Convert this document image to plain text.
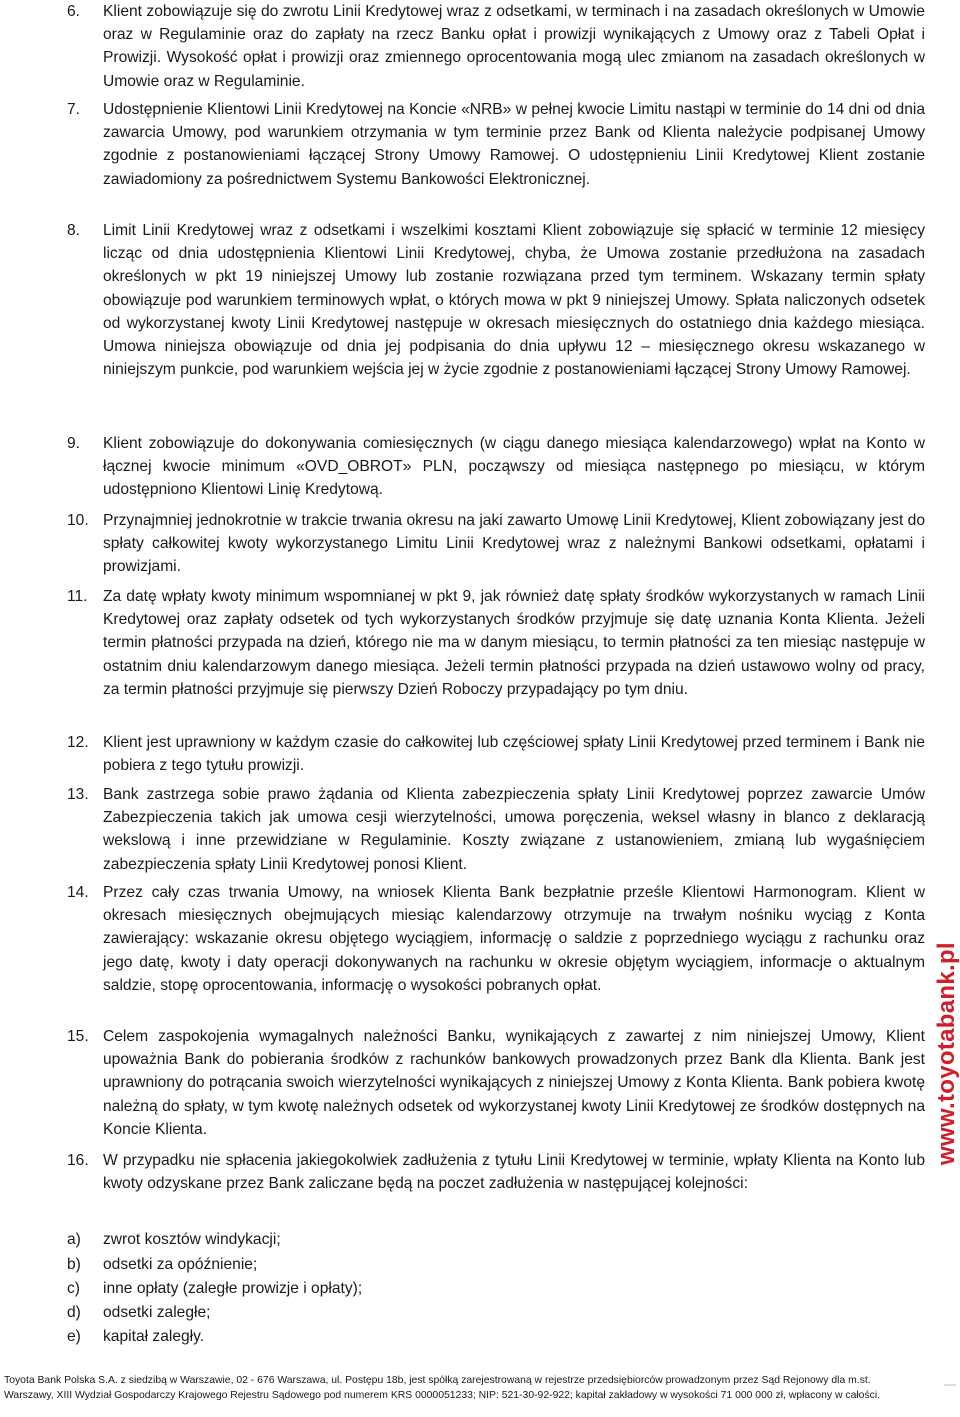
6. Klient zobowiązuje się do zwrotu Linii Kredytowej wraz z odsetkami, w terminach i na zasadach określonych w Umowie oraz w Regulaminie oraz do zapłaty na rzecz Banku opłat i prowizji wynikających z Umowy oraz z Tabeli Opłat i Prowizji. Wysokość opłat i prowizji oraz zmiennego oprocentowania mogą ulec zmianom na zasadach określonych w Umowie oraz w Regulaminie.
7. Udostępnienie Klientowi Linii Kredytowej na Koncie «NRB» w pełnej kwocie Limitu nastąpi w terminie do 14 dni od dnia zawarcia Umowy, pod warunkiem otrzymania w tym terminie przez Bank od Klienta należycie podpisanej Umowy zgodnie z postanowieniami łączącej Strony Umowy Ramowej. O udostępnieniu Linii Kredytowej Klient zostanie zawiadomiony za pośrednictwem Systemu Bankowości Elektronicznej.
8. Limit Linii Kredytowej wraz z odsetkami i wszelkimi kosztami Klient zobowiązuje się spłacić w terminie 12 miesięcy licząc od dnia udostępnienia Klientowi Linii Kredytowej, chyba, że Umowa zostanie przedłużona na zasadach określonych w pkt 19 niniejszej Umowy lub zostanie rozwiązana przed tym terminem. Wskazany termin spłaty obowiązuje pod warunkiem terminowych wpłat, o których mowa w pkt 9 niniejszej Umowy. Spłata naliczonych odsetek od wykorzystanej kwoty Linii Kredytowej następuje w okresach miesięcznych do ostatniego dnia każdego miesiąca. Umowa niniejsza obowiązuje od dnia jej podpisania do dnia upływu 12 – miesięcznego okresu wskazanego w niniejszym punkcie, pod warunkiem wejścia jej w życie zgodnie z postanowieniami łączącej Strony Umowy Ramowej.
9. Klient zobowiązuje do dokonywania comiesięcznych (w ciągu danego miesiąca kalendarzowego) wpłat na Konto w łącznej kwocie minimum «OVD_OBROT» PLN, począwszy od miesiąca następnego po miesiącu, w którym udostępniono Klientowi Linię Kredytową.
10. Przynajmniej jednokrotnie w trakcie trwania okresu na jaki zawarto Umowę Linii Kredytowej, Klient zobowiązany jest do spłaty całkowitej kwoty wykorzystanego Limitu Linii Kredytowej wraz z należnymi Bankowi odsetkami, opłatami i prowizjami.
11. Za datę wpłaty kwoty minimum wspomnianej w pkt 9, jak również datę spłaty środków wykorzystanych w ramach Linii Kredytowej oraz zapłaty odsetek od tych wykorzystanych środków przyjmuje się datę uznania Konta Klienta. Jeżeli termin płatności przypada na dzień, którego nie ma w danym miesiącu, to termin płatności za ten miesiąc następuje w ostatnim dniu kalendarzowym danego miesiąca. Jeżeli termin płatności przypada na dzień ustawowo wolny od pracy, za termin płatności przyjmuje się pierwszy Dzień Roboczy przypadający po tym dniu.
12. Klient jest uprawniony w każdym czasie do całkowitej lub częściowej spłaty Linii Kredytowej przed terminem i Bank nie pobiera z tego tytułu prowizji.
13. Bank zastrzega sobie prawo żądania od Klienta zabezpieczenia spłaty Linii Kredytowej poprzez zawarcie Umów Zabezpieczenia takich jak umowa cesji wierzytelności, umowa poręczenia, weksel własny in blanco z deklaracją wekslową i inne przewidziane w Regulaminie. Koszty związane z ustanowieniem, zmianą lub wygaśnięciem zabezpieczenia spłaty Linii Kredytowej ponosi Klient.
14. Przez cały czas trwania Umowy, na wniosek Klienta Bank bezpłatnie prześle Klientowi Harmonogram. Klient w okresach miesięcznych obejmujących miesiąc kalendarzowy otrzymuje na trwałym nośniku wyciąg z Konta zawierający: wskazanie okresu objętego wyciągiem, informację o saldzie z poprzedniego wyciągu z rachunku oraz jego datę, kwoty i daty operacji dokonywanych na rachunku w okresie objętym wyciągiem, informacje o aktualnym saldzie, stopę oprocentowania, informację o wysokości pobranych opłat.
15. Celem zaspokojenia wymagalnych należności Banku, wynikających z zawartej z nim niniejszej Umowy, Klient upoważnia Bank do pobierania środków z rachunków bankowych prowadzonych przez Bank dla Klienta. Bank jest uprawniony do potrącania swoich wierzytelności wynikających z niniejszej Umowy z Konta Klienta. Bank pobiera kwotę należną do spłaty, w tym kwotę należnych odsetek od wykorzystanej kwoty Linii Kredytowej ze środków dostępnych na Koncie Klienta.
16. W przypadku nie spłacenia jakiegokolwiek zadłużenia z tytułu Linii Kredytowej w terminie, wpłaty Klienta na Konto lub kwoty odzyskane przez Bank zaliczane będą na poczet zadłużenia w następującej kolejności:
a) zwrot kosztów windykacji;
b) odsetki za opóźnienie;
c) inne opłaty (zaległe prowizje i opłaty);
d) odsetki zaległe;
e) kapitał zaległy.
Toyota Bank Polska S.A. z siedzibą w Warszawie, 02 - 676 Warszawa, ul. Postępu 18b, jest spółką zarejestrowaną w rejestrze przedsiębiorców prowadzonym przez Sąd Rejonowy dla m.st. Warszawy, XIII Wydział Gospodarczy Krajowego Rejestru Sądowego pod numerem KRS 0000051233; NIP: 521-30-92-922; kapitał zakładowy w wysokości 71 000 000 zł, wpłacony w całości.
www.toyotabank.pl
